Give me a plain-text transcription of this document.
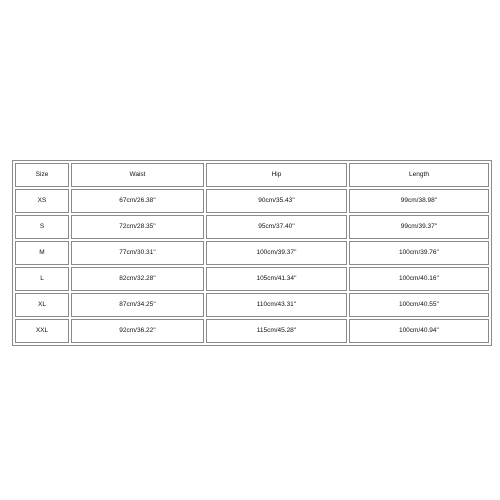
Size	Waist	Hip	Length
XS	67cm/26.38''	90cm/35.43''	99cm/38.98''
S	72cm/28.35''	95cm/37.40''	99cm/39.37''
M	77cm/30.31''	100cm/39.37''	100cm/39.76''
L	82cm/32.28''	105cm/41.34''	100cm/40.16''
XL	87cm/34.25''	110cm/43.31''	100cm/40.55''
XXL	92cm/36.22''	115cm/45.28''	100cm/40.94''
